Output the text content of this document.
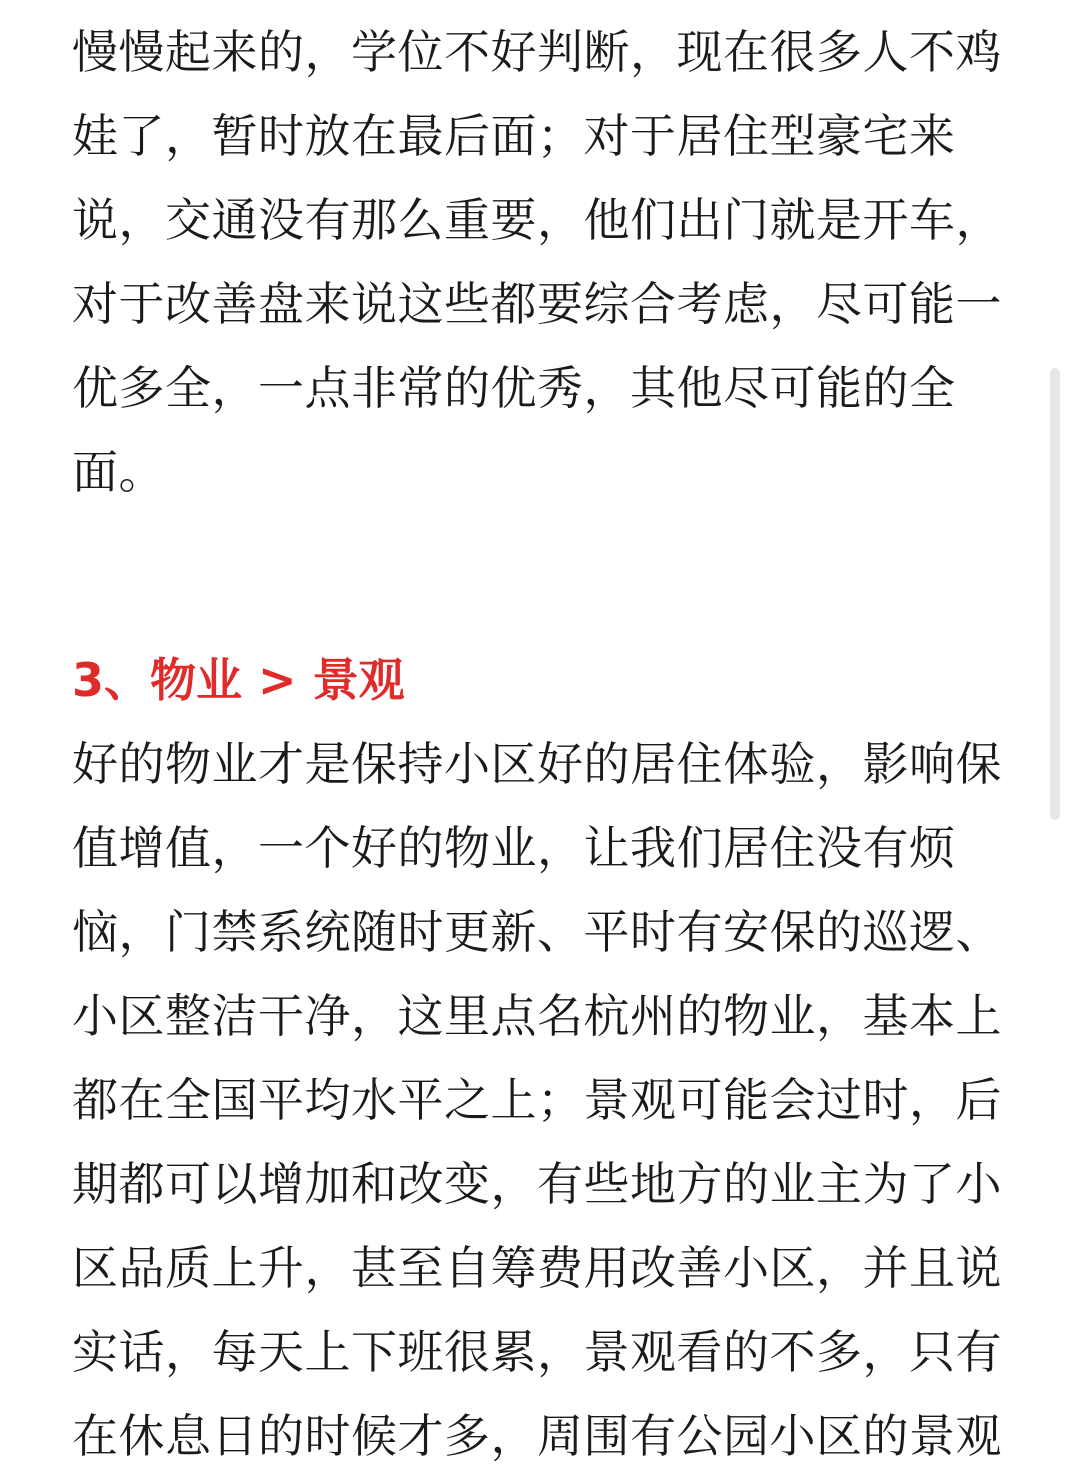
慢慢起来的，学位不好判断，现在很多人不鸡
娃了，暂时放在最后面；对于居住型豪宅来
说，交通没有那么重要，他们出门就是开车，
对于改善盘来说这些都要综合考虑，尽可能一
优多全，一点非常的优秀，其他尽可能的全
面。
3、物业 > 景观
好的物业才是保持小区好的居住体验，影响保
值增值，一个好的物业，让我们居住没有烦
恼，门禁系统随时更新、平时有安保的巡逻、
小区整洁干净，这里点名杭州的物业，基本上
都在全国平均水平之上；景观可能会过时，后
期都可以增加和改变，有些地方的业主为了小
区品质上升，甚至自筹费用改善小区，并且说
实话，每天上下班很累，景观看的不多，只有
在休息日的时候才多，周围有公园小区的景观
